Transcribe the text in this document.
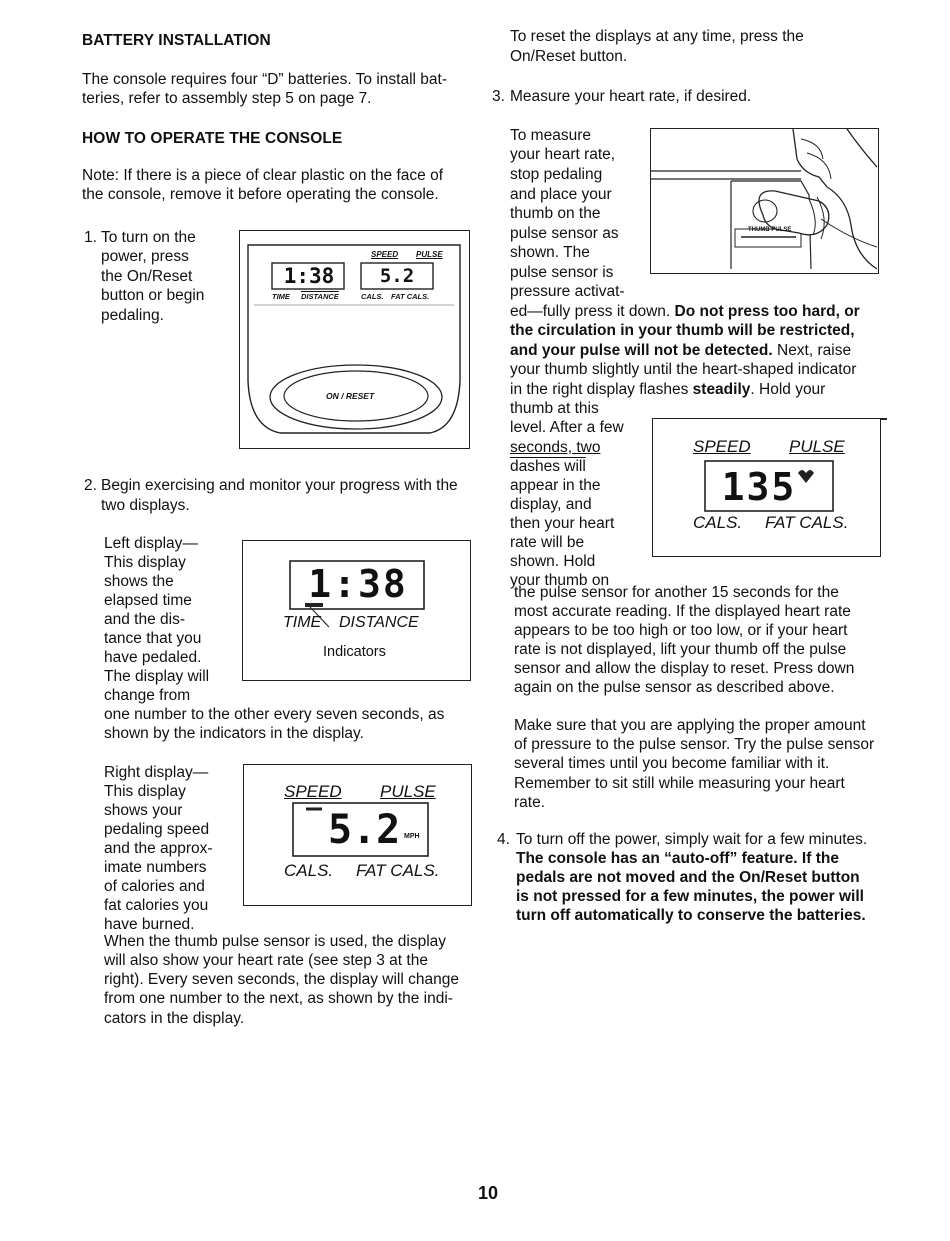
BATTERY INSTALLATION
The console requires four “D” batteries. To install bat-
teries, refer to assembly step 5 on page 7.
HOW TO OPERATE THE CONSOLE
Note: If there is a piece of clear plastic on the face of
the console, remove it before operating the console.
1. To turn on the
power, press
the On/Reset
button or begin
pedaling.
SPEED PULSE
1:38	5.2
TIME DISTANCE	CALS. FAT CALS.
ON / RESET
2. Begin exercising and monitor your progress with the
two displays.
Left display—
This display
shows the
elapsed time
and the dis-
tance that you
have pedaled.
The display will
change from
one number to the other every seven seconds, as
shown by the indicators in the display.
1:38
TIME DISTANCE
Indicators
Right display—
This display
shows your
pedaling speed
and the approx-
imate numbers
of calories and
fat calories you
have burned.
When the thumb pulse sensor is used, the display
will also show your heart rate (see step 3 at the
right). Every seven seconds, the display will change
from one number to the next, as shown by the indi-
cators in the display.
SPEED PULSE
5.2 MPH
CALS. FAT CALS.
To reset the displays at any time, press the
On/Reset button.
3. Measure your heart rate, if desired.
To measure
your heart rate,
stop pedaling
and place your
thumb on the
pulse sensor as
shown. The
pulse sensor is
pressure activat-
THUMB PULSE
ed—fully press it down. Do not press too hard, or
the circulation in your thumb will be restricted,
and your pulse will not be detected. Next, raise
your thumb slightly until the heart-shaped indicator
in the right display flashes steadily. Hold your
thumb at this
level. After a few
seconds, two
dashes will
appear in the
display, and
then your heart
rate will be
shown. Hold
your thumb on
SPEED PULSE
135
CALS. FAT CALS.
the pulse sensor for another 15 seconds for the
most accurate reading. If the displayed heart rate
appears to be too high or too low, or if your heart
rate is not displayed, lift your thumb off the pulse
sensor and allow the display to reset. Press down
again on the pulse sensor as described above.
Make sure that you are applying the proper amount
of pressure to the pulse sensor. Try the pulse sensor
several times until you become familiar with it.
Remember to sit still while measuring your heart
rate.
4. To turn off the power, simply wait for a few minutes.
The console has an “auto-off” feature. If the
pedals are not moved and the On/Reset button
is not pressed for a few minutes, the power will
turn off automatically to conserve the batteries.
10
